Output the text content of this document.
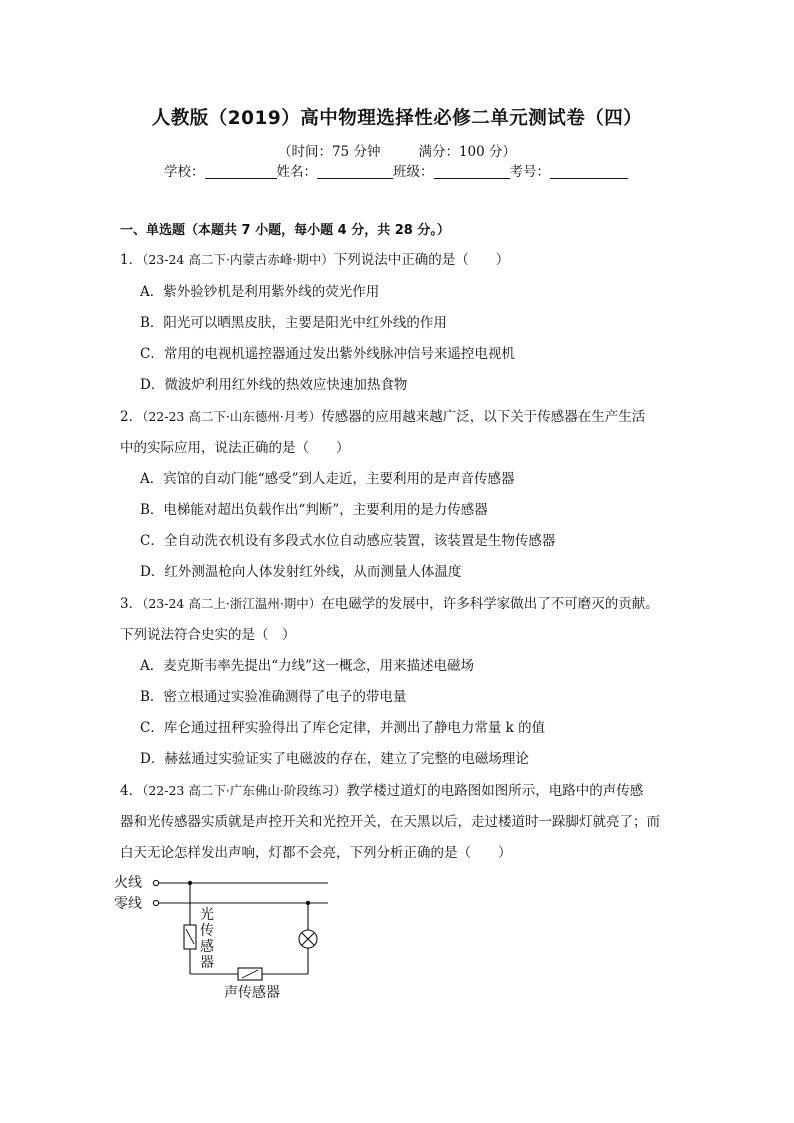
人教版（2019）高中物理选择性必修二单元测试卷（四）
（时间：75 分钟	满分：100 分）
学校：	姓名：	班级：	考号：
一、单选题（本题共 7 小题，每小题 4 分，共 28 分。）
1．（23-24 高二下·内蒙古赤峰·期中）下列说法中正确的是（　　）
A．紫外验钞机是利用紫外线的荧光作用
B．阳光可以晒黑皮肤，主要是阳光中红外线的作用
C．常用的电视机遥控器通过发出紫外线脉冲信号来遥控电视机
D．微波炉利用红外线的热效应快速加热食物
2．（22-23 高二下·山东德州·月考）传感器的应用越来越广泛，以下关于传感器在生产生活
中的实际应用，说法正确的是（　　）
A．宾馆的自动门能“感受”到人走近，主要利用的是声音传感器
B．电梯能对超出负载作出“判断”，主要利用的是力传感器
C．全自动洗衣机设有多段式水位自动感应装置，该装置是生物传感器
D．红外测温枪向人体发射红外线，从而测量人体温度
3．（23-24 高二上·浙江温州·期中）在电磁学的发展中，许多科学家做出了不可磨灭的贡献。
下列说法符合史实的是（　）
A．麦克斯韦率先提出“力线”这一概念，用来描述电磁场
B．密立根通过实验准确测得了电子的带电量
C．库仑通过扭秤实验得出了库仑定律，并测出了静电力常量 k 的值
D．赫兹通过实验证实了电磁波的存在，建立了完整的电磁场理论
4．（22-23 高二下·广东佛山·阶段练习）教学楼过道灯的电路图如图所示，电路中的声传感
器和光传感器实质就是声控开关和光控开关，在天黑以后，走过楼道时一跺脚灯就亮了；而
白天无论怎样发出声响，灯都不会亮，下列分析正确的是（　　）
火线
零线
光
传
感
器
声传感器
